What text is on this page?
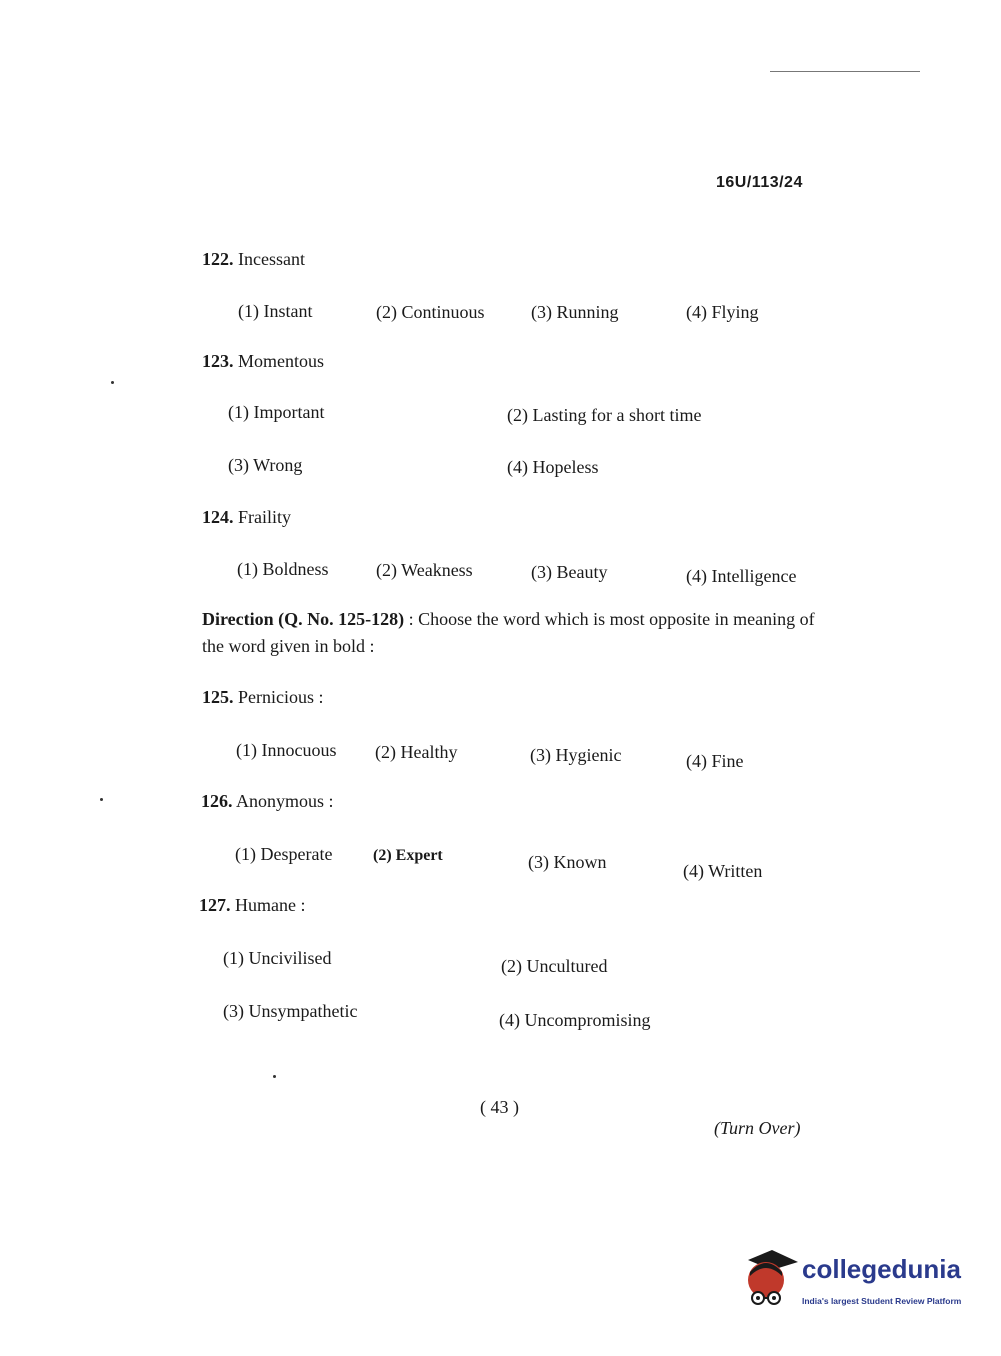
16U/113/24
122. Incessant
(1) Instant	(2) Continuous	(3) Running	(4) Flying
123. Momentous
(1) Important	(2) Lasting for a short time
(3) Wrong	(4) Hopeless
124. Fraility
(1) Boldness	(2) Weakness	(3) Beauty	(4) Intelligence
Direction (Q. No. 125-128) : Choose the word which is most opposite in meaning of the word given in bold :
125. Pernicious :
(1) Innocuous (2) Healthy	(3) Hygienic	(4) Fine
126. Anonymous :
(1) Desperate	(2) Expert	(3) Known	(4) Written
127. Humane :
(1) Uncivilised	(2) Uncultured
(3) Unsympathetic	(4) Uncompromising
( 43 )
(Turn Over)
collegedunia
India's largest Student Review Platform
